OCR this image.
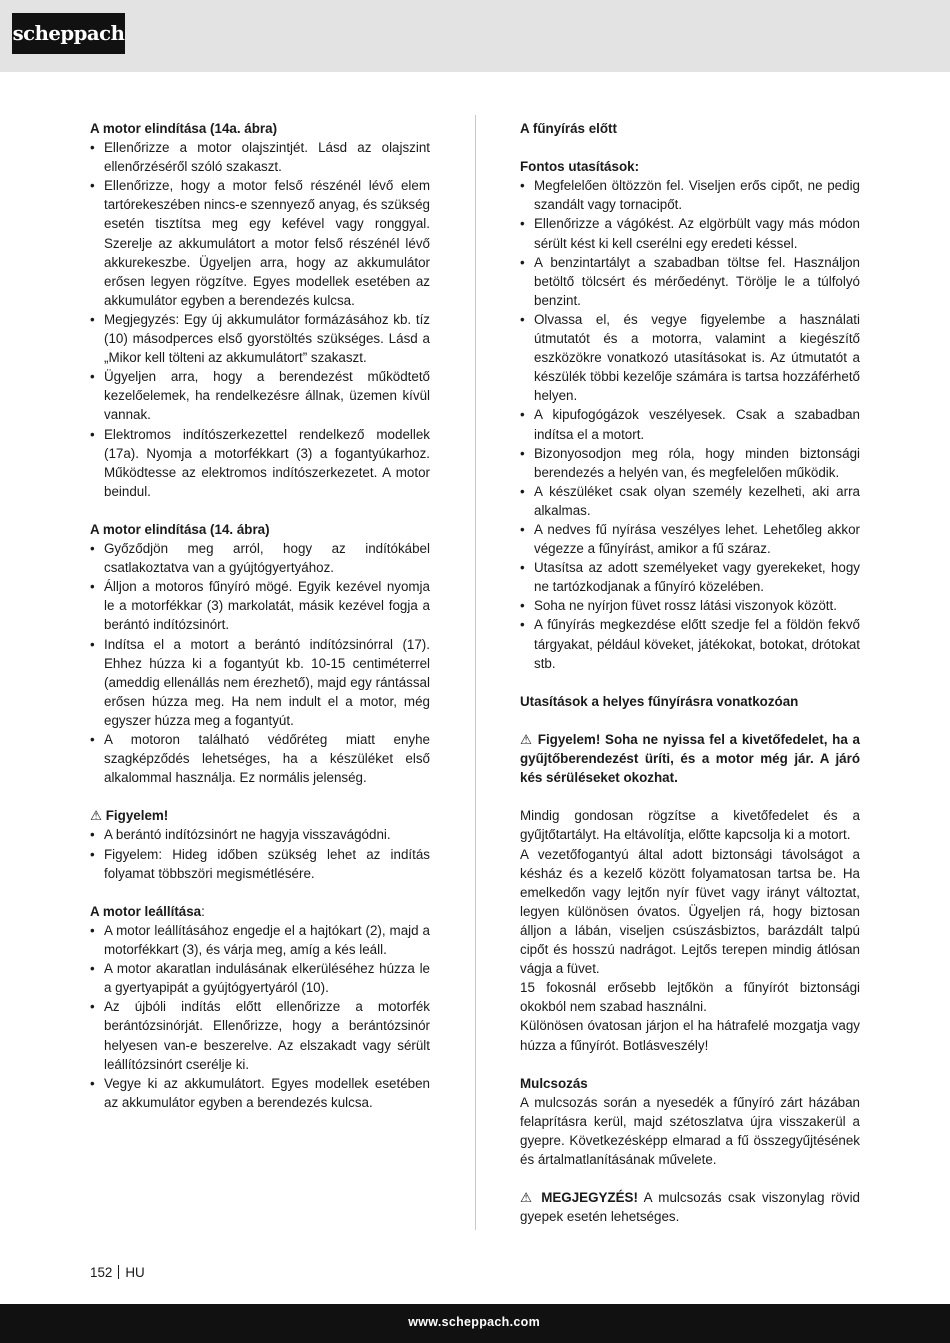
scheppach
A motor elindítása (14a. ábra)
• Ellenőrizze a motor olajszintjét. Lásd az olajszint ellenőrzéséről szóló szakaszt.
• Ellenőrizze, hogy a motor felső részénél lévő elem tartórekeszében nincs-e szennyező anyag, és szükség esetén tisztítsa meg egy kefével vagy ronggyal. Szerelje az akkumulátort a motor felső részénél lévő akkurekeszbe. Ügyeljen arra, hogy az akkumulátor erősen legyen rögzítve. Egyes modellek esetében az akkumulátor egyben a berendezés kulcsa.
• Megjegyzés: Egy új akkumulátor formázásához kb. tíz (10) másodperces első gyorstöltés szükséges. Lásd a „Mikor kell tölteni az akkumulátort” szakaszt.
• Ügyeljen arra, hogy a berendezést működtető kezelőelemek, ha rendelkezésre állnak, üzemen kívül vannak.
• Elektromos indítószerkezettel rendelkező modellek (17a). Nyomja a motorfékkart (3) a fogantyúkarhoz. Működtesse az elektromos indítószerkezetet. A motor beindul.
A motor elindítása (14. ábra)
• Győződjön meg arról, hogy az indítókábel csatlakoztatva van a gyújtógyertyához.
• Álljon a motoros fűnyíró mögé. Egyik kezével nyomja le a motorfékkar (3) markolatát, másik kezével fogja a berántó indítózsinórt.
• Indítsa el a motort a berántó indítózsinórral (17). Ehhez húzza ki a fogantyút kb. 10-15 centiméterrel (ameddig ellenállás nem érezhető), majd egy rántással erősen húzza meg. Ha nem indult el a motor, még egyszer húzza meg a fogantyút.
• A motoron található védőréteg miatt enyhe szagképződés lehetséges, ha a készüléket első alkalommal használja. Ez normális jelenség.
⚠ Figyelem!
• A berántó indítózsinórt ne hagyja visszavágódni.
• Figyelem: Hideg időben szükség lehet az indítás folyamat többszöri megismétlésére.
A motor leállítása:
• A motor leállításához engedje el a hajtókart (2), majd a motorfékkart (3), és várja meg, amíg a kés leáll.
• A motor akaratlan indulásának elkerüléséhez húzza le a gyertyapipát a gyújtógyertyáról (10).
• Az újbóli indítás előtt ellenőrizze a motorfék berántózsinórját. Ellenőrizze, hogy a berántózsinór helyesen van-e beszerelve. Az elszakadt vagy sérült leállítózsinórt cserélje ki.
• Vegye ki az akkumulátort. Egyes modellek esetében az akkumulátor egyben a berendezés kulcsa.
A fűnyírás előtt
Fontos utasítások:
• Megfelelően öltözzön fel. Viseljen erős cipőt, ne pedig szandált vagy tornacipőt.
• Ellenőrizze a vágókést. Az elgörbült vagy más módon sérült kést ki kell cserélni egy eredeti késsel.
• A benzintartályt a szabadban töltse fel. Használjon betöltő tölcsért és mérőedényt. Törölje le a túlfolyó benzint.
• Olvassa el, és vegye figyelembe a használati útmutatót és a motorra, valamint a kiegészítő eszközökre vonatkozó utasításokat is. Az útmutatót a készülék többi kezelője számára is tartsa hozzáférhető helyen.
• A kipufogógázok veszélyesek. Csak a szabadban indítsa el a motort.
• Bizonyosodjon meg róla, hogy minden biztonsági berendezés a helyén van, és megfelelően működik.
• A készüléket csak olyan személy kezelheti, aki arra alkalmas.
• A nedves fű nyírása veszélyes lehet. Lehetőleg akkor végezze a fűnyírást, amikor a fű száraz.
• Utasítsa az adott személyeket vagy gyerekeket, hogy ne tartózkodjanak a fűnyíró közelében.
• Soha ne nyírjon füvet rossz látási viszonyok között.
• A fűnyírás megkezdése előtt szedje fel a földön fekvő tárgyakat, például köveket, játékokat, botokat, drótokat stb.
Utasítások a helyes fűnyírásra vonatkozóan

⚠ Figyelem! Soha ne nyissa fel a kivetőfedelet, ha a gyűjtőberendezést üríti, és a motor még jár. A járó kés sérüléseket okozhat.

Mindig gondosan rögzítse a kivetőfedelet és a gyűjtőtartályt. Ha eltávolítja, előtte kapcsolja ki a motort.

A vezetőfogantyú által adott biztonsági távolságot a késház és a kezelő között folyamatosan tartsa be. Ha emelkedőn vagy lejtőn nyír füvet vagy irányt változtat, legyen különösen óvatos. Ügyeljen rá, hogy biztosan álljon a lábán, viseljen csúszásbiztos, barázdált talpú cipőt és hosszú nadrágot. Lejtős terepen mindig átlósan vágja a füvet.

15 fokosnál erősebb lejtőkön a fűnyírót biztonsági okokból nem szabad használni.

Különösen óvatosan járjon el ha hátrafelé mozgatja vagy húzza a fűnyírót. Botlásveszély!

Mulcsozás

A mulcsozás során a nyesedék a fűnyíró zárt házában felaprításra kerül, majd szétoszlatva újra visszakerül a gyepre. Következésképp elmarad a fű összegyűjtésének és ártalmatlanításának művelete.

⚠ MEGJEGYZÉS! A mulcsozás csak viszonylag rövid gyepek esetén lehetséges.

152 HU
www.scheppach.com
